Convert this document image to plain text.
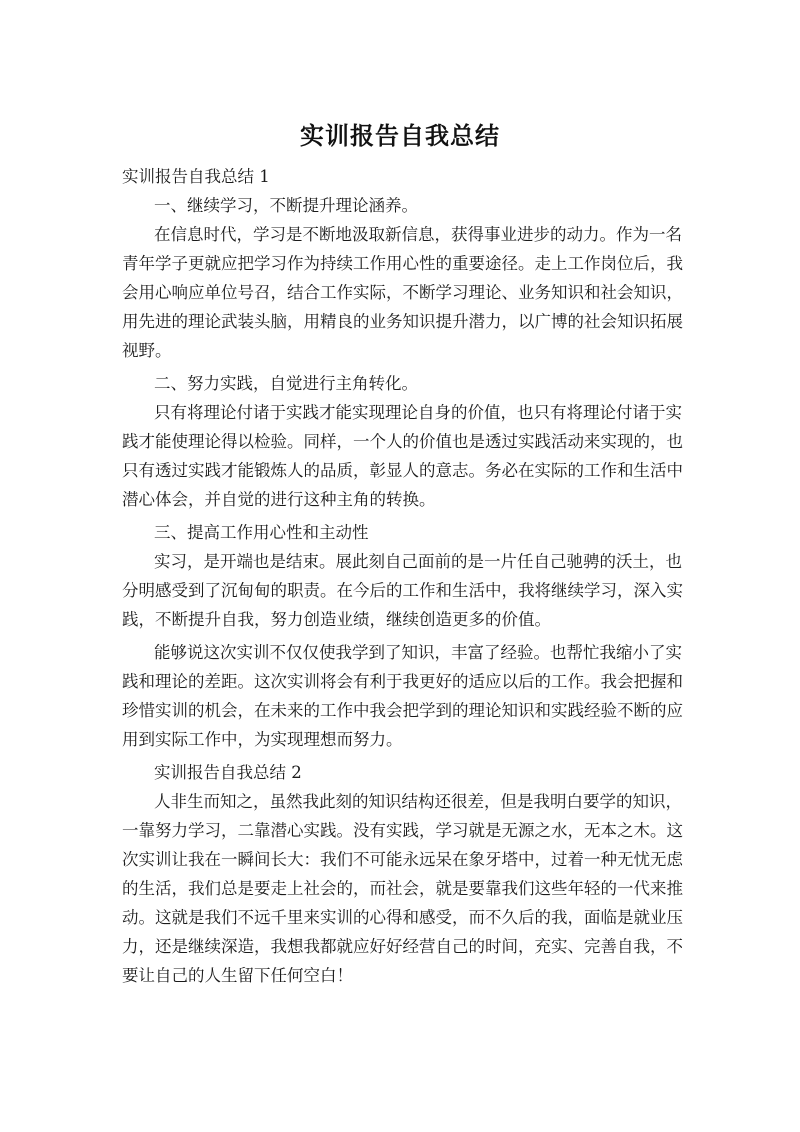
实训报告自我总结
实训报告自我总结 1
一、继续学习，不断提升理论涵养。
在信息时代，学习是不断地汲取新信息，获得事业进步的动力。作为一名
青年学子更就应把学习作为持续工作用心性的重要途径。走上工作岗位后，我
会用心响应单位号召，结合工作实际，不断学习理论、业务知识和社会知识，
用先进的理论武装头脑，用精良的业务知识提升潜力，以广博的社会知识拓展
视野。
二、努力实践，自觉进行主角转化。
只有将理论付诸于实践才能实现理论自身的价值，也只有将理论付诸于实
践才能使理论得以检验。同样，一个人的价值也是透过实践活动来实现的，也
只有透过实践才能锻炼人的品质，彰显人的意志。务必在实际的工作和生活中
潜心体会，并自觉的进行这种主角的转换。
三、提高工作用心性和主动性
实习，是开端也是结束。展此刻自己面前的是一片任自己驰骋的沃土，也
分明感受到了沉甸甸的职责。在今后的工作和生活中，我将继续学习，深入实
践，不断提升自我，努力创造业绩，继续创造更多的价值。
能够说这次实训不仅仅使我学到了知识，丰富了经验。也帮忙我缩小了实
践和理论的差距。这次实训将会有利于我更好的适应以后的工作。我会把握和
珍惜实训的机会，在未来的工作中我会把学到的理论知识和实践经验不断的应
用到实际工作中，为实现理想而努力。
实训报告自我总结 2
人非生而知之，虽然我此刻的知识结构还很差，但是我明白要学的知识，
一靠努力学习，二靠潜心实践。没有实践，学习就是无源之水，无本之木。这
次实训让我在一瞬间长大：我们不可能永远呆在象牙塔中，过着一种无忧无虑
的生活，我们总是要走上社会的，而社会，就是要靠我们这些年轻的一代来推
动。这就是我们不远千里来实训的心得和感受，而不久后的我，面临是就业压
力，还是继续深造，我想我都就应好好经营自己的时间，充实、完善自我，不
要让自己的人生留下任何空白！
